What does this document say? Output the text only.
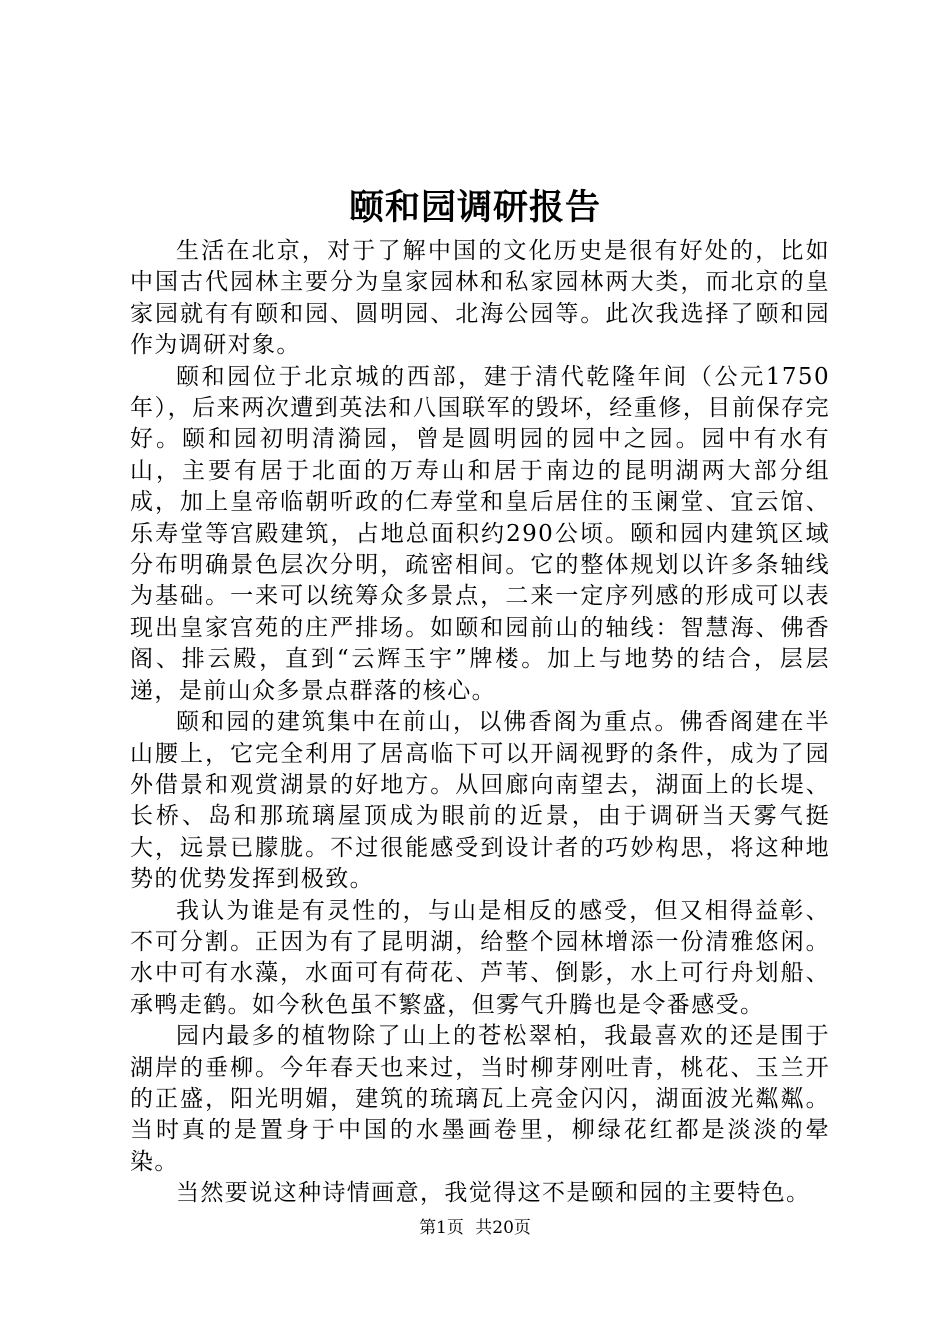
颐和园调研报告

生活在北京，对于了解中国的文化历史是很有好处的，比如中国古代园林主要分为皇家园林和私家园林两大类，而北京的皇家园就有有颐和园、圆明园、北海公园等。此次我选择了颐和园作为调研对象。

颐和园位于北京城的西部，建于清代乾隆年间（公元1750年），后来两次遭到英法和八国联军的毁坏，经重修，目前保存完好。颐和园初明清漪园，曾是圆明园的园中之园。园中有水有山，主要有居于北面的万寿山和居于南边的昆明湖两大部分组成，加上皇帝临朝听政的仁寿堂和皇后居住的玉阑堂、宜云馆、乐寿堂等宫殿建筑，占地总面积约290公顷。颐和园内建筑区域分布明确景色层次分明，疏密相间。它的整体规划以许多条轴线为基础。一来可以统筹众多景点，二来一定序列感的形成可以表现出皇家宫苑的庄严排场。如颐和园前山的轴线：智慧海、佛香阁、排云殿，直到“云辉玉宇”牌楼。加上与地势的结合，层层递，是前山众多景点群落的核心。

颐和园的建筑集中在前山，以佛香阁为重点。佛香阁建在半山腰上，它完全利用了居高临下可以开阔视野的条件，成为了园外借景和观赏湖景的好地方。从回廊向南望去，湖面上的长堤、长桥、岛和那琉璃屋顶成为眼前的近景，由于调研当天雾气挺大，远景已朦胧。不过很能感受到设计者的巧妙构思，将这种地势的优势发挥到极致。

我认为谁是有灵性的，与山是相反的感受，但又相得益彰、不可分割。正因为有了昆明湖，给整个园林增添一份清雅悠闲。水中可有水藻，水面可有荷花、芦苇、倒影，水上可行舟划船、承鸭走鹤。如今秋色虽不繁盛，但雾气升腾也是令番感受。

园内最多的植物除了山上的苍松翠柏，我最喜欢的还是围于湖岸的垂柳。今年春天也来过，当时柳芽刚吐青，桃花、玉兰开的正盛，阳光明媚，建筑的琉璃瓦上亮金闪闪，湖面波光粼粼。当时真的是置身于中国的水墨画卷里，柳绿花红都是淡淡的晕染。

当然要说这种诗情画意，我觉得这不是颐和园的主要特色。

第1页 共20页
